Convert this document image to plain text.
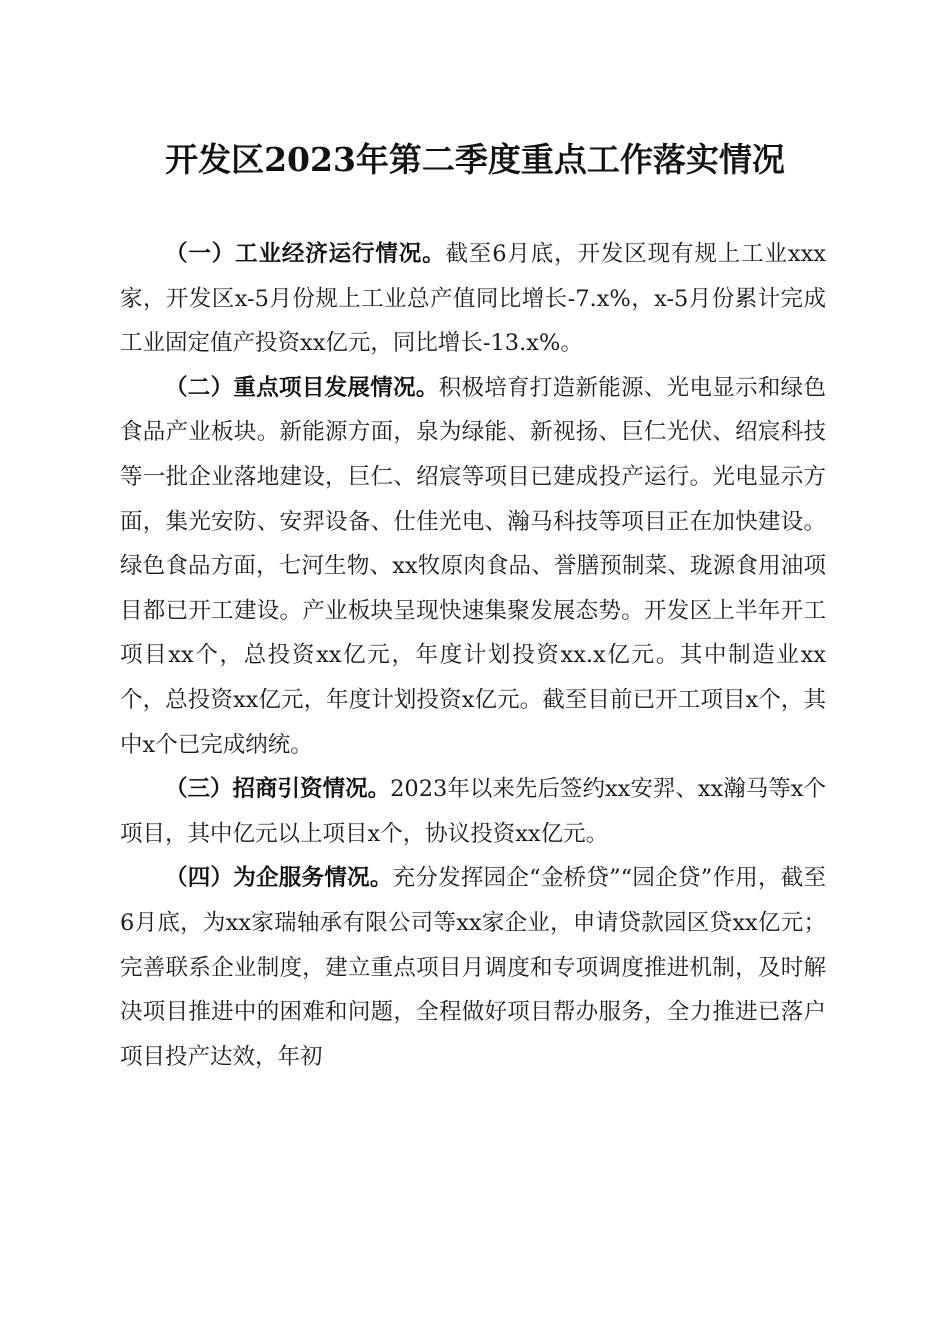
开发区2023年第二季度重点工作落实情况

（一）工业经济运行情况。截至6月底，开发区现有规上工业xxx家，开发区x-5月份规上工业总产值同比增长-7.x%，x-5月份累计完成工业固定值产投资xx亿元，同比增长-13.x%。

（二）重点项目发展情况。积极培育打造新能源、光电显示和绿色食品产业板块。新能源方面，泉为绿能、新视扬、巨仁光伏、绍宸科技等一批企业落地建设，巨仁、绍宸等项目已建成投产运行。光电显示方面，集光安防、安羿设备、仕佳光电、瀚马科技等项目正在加快建设。绿色食品方面，七河生物、xx牧原肉食品、誉膳预制菜、珑源食用油项目都已开工建设。产业板块呈现快速集聚发展态势。开发区上半年开工项目xx个，总投资xx亿元，年度计划投资xx.x亿元。其中制造业xx个，总投资xx亿元，年度计划投资x亿元。截至目前已开工项目x个，其中x个已完成纳统。

（三）招商引资情况。2023年以来先后签约xx安羿、xx瀚马等x个项目，其中亿元以上项目x个，协议投资xx亿元。

（四）为企服务情况。充分发挥园企“金桥贷”“园企贷”作用，截至6月底，为xx家瑞轴承有限公司等xx家企业，申请贷款园区贷xx亿元；完善联系企业制度，建立重点项目月调度和专项调度推进机制，及时解决项目推进中的困难和问题，全程做好项目帮办服务，全力推进已落户项目投产达效，年初
